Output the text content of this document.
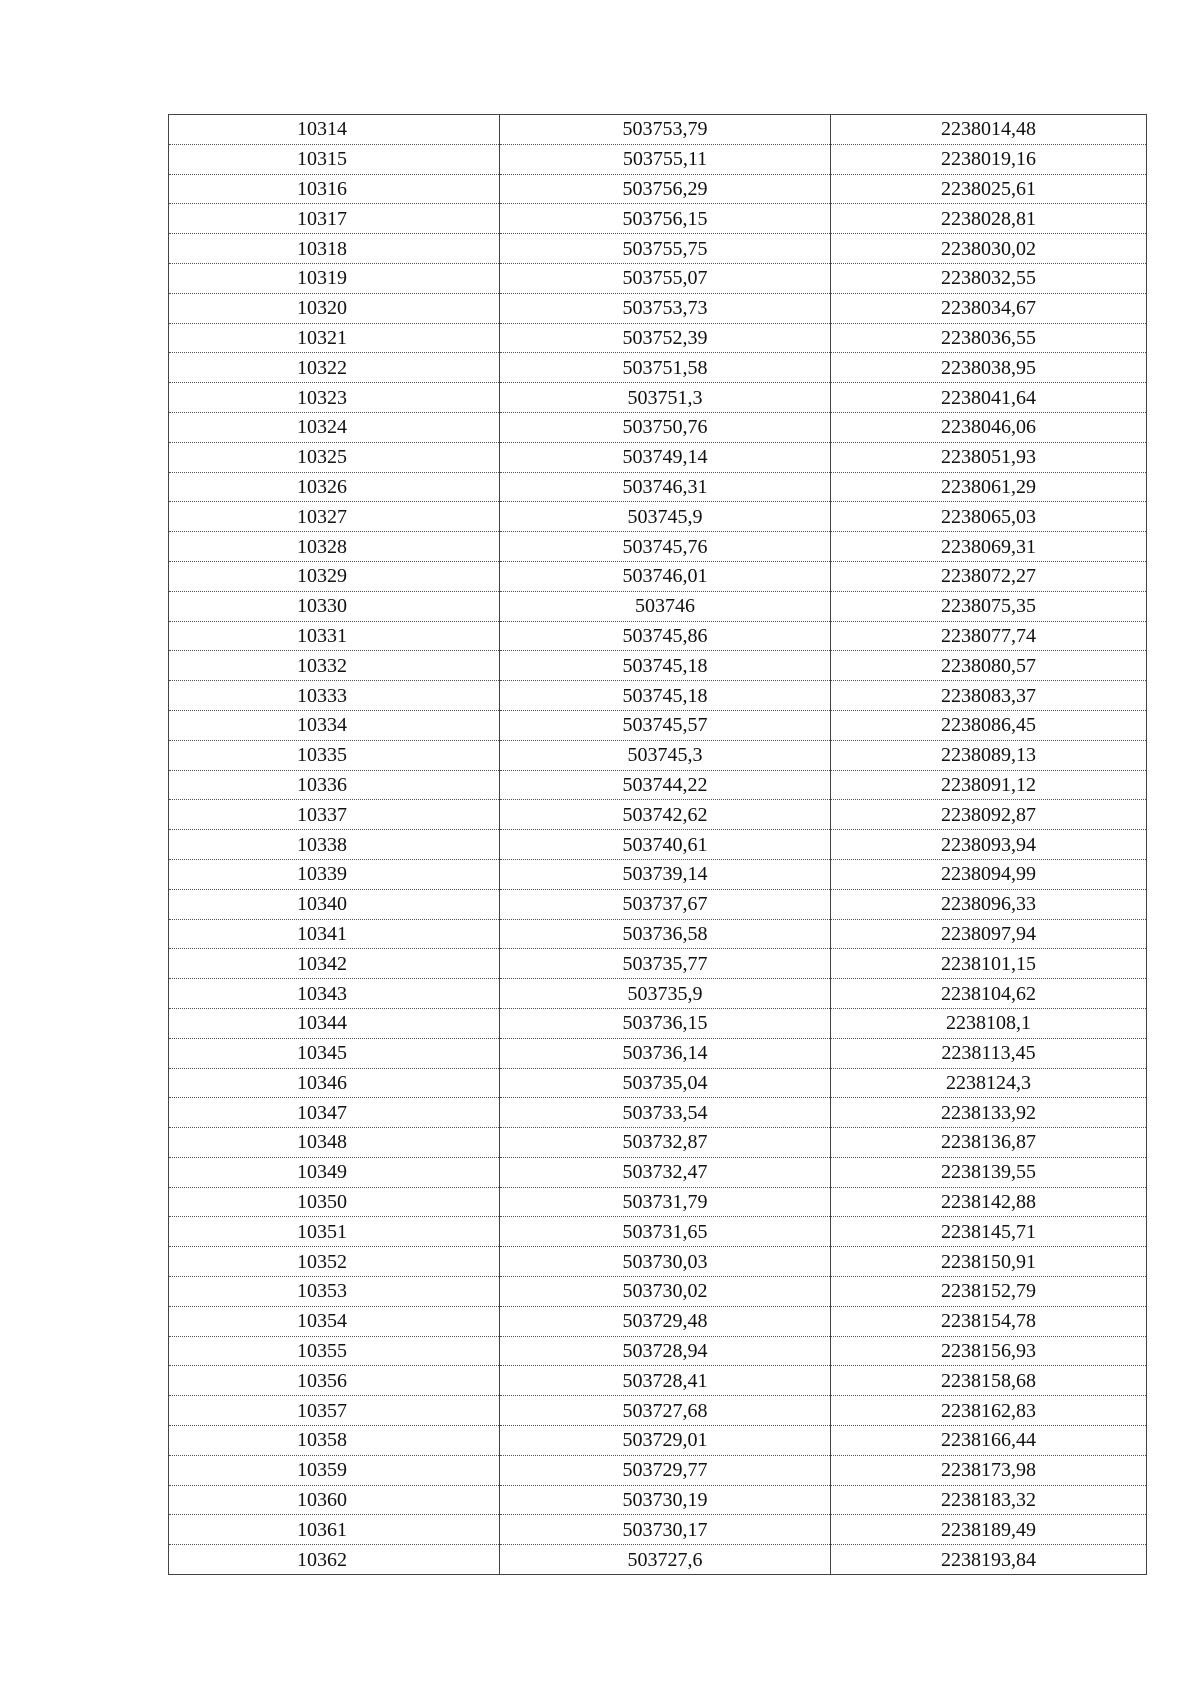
10314	503753,79	2238014,48
10315	503755,11	2238019,16
10316	503756,29	2238025,61
10317	503756,15	2238028,81
10318	503755,75	2238030,02
10319	503755,07	2238032,55
10320	503753,73	2238034,67
10321	503752,39	2238036,55
10322	503751,58	2238038,95
10323	503751,3	2238041,64
10324	503750,76	2238046,06
10325	503749,14	2238051,93
10326	503746,31	2238061,29
10327	503745,9	2238065,03
10328	503745,76	2238069,31
10329	503746,01	2238072,27
10330	503746	2238075,35
10331	503745,86	2238077,74
10332	503745,18	2238080,57
10333	503745,18	2238083,37
10334	503745,57	2238086,45
10335	503745,3	2238089,13
10336	503744,22	2238091,12
10337	503742,62	2238092,87
10338	503740,61	2238093,94
10339	503739,14	2238094,99
10340	503737,67	2238096,33
10341	503736,58	2238097,94
10342	503735,77	2238101,15
10343	503735,9	2238104,62
10344	503736,15	2238108,1
10345	503736,14	2238113,45
10346	503735,04	2238124,3
10347	503733,54	2238133,92
10348	503732,87	2238136,87
10349	503732,47	2238139,55
10350	503731,79	2238142,88
10351	503731,65	2238145,71
10352	503730,03	2238150,91
10353	503730,02	2238152,79
10354	503729,48	2238154,78
10355	503728,94	2238156,93
10356	503728,41	2238158,68
10357	503727,68	2238162,83
10358	503729,01	2238166,44
10359	503729,77	2238173,98
10360	503730,19	2238183,32
10361	503730,17	2238189,49
10362	503727,6	2238193,84
